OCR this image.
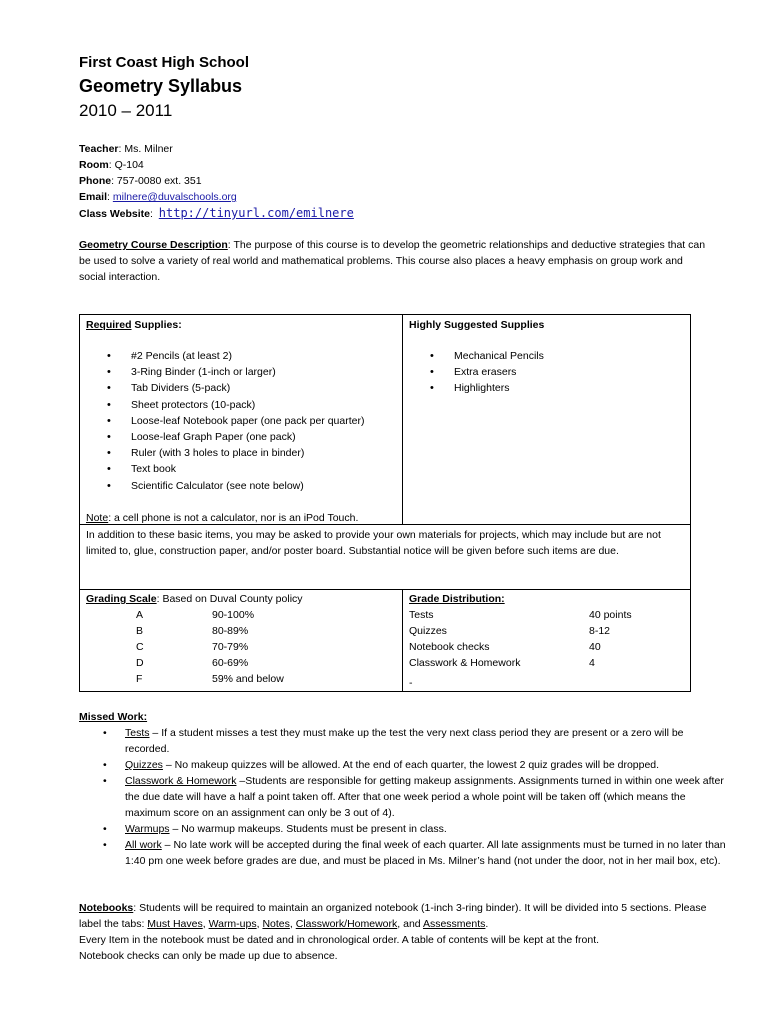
First Coast High School
Geometry Syllabus
2010 – 2011
Teacher: Ms. Milner
Room: Q-104
Phone: 757-0080 ext. 351
Email: milnere@duvalschools.org
Class Website: http://tinyurl.com/emilnere
Geometry Course Description: The purpose of this course is to develop the geometric relationships and deductive strategies that can be used to solve a variety of real world and mathematical problems. This course also places a heavy emphasis on group work and social interaction.
Required Supplies:
• #2 Pencils (at least 2)
• 3-Ring Binder (1-inch or larger)
• Tab Dividers (5-pack)
• Sheet protectors (10-pack)
• Loose-leaf Notebook paper (one pack per quarter)
• Loose-leaf Graph Paper (one pack)
• Ruler (with 3 holes to place in binder)
• Text book
• Scientific Calculator (see note below)
Note: a cell phone is not a calculator, nor is an iPod Touch.
Highly Suggested Supplies
• Mechanical Pencils
• Extra erasers
• Highlighters
In addition to these basic items, you may be asked to provide your own materials for projects, which may include but are not limited to, glue, construction paper, and/or poster board. Substantial notice will be given before such items are due.
Grading Scale: Based on Duval County policy
A	90-100%
B	80-89%
C	70-79%
D	60-69%
F	59% and below
Grade Distribution:
Tests	40 points
Quizzes	8-12
Notebook checks	40
Classwork & Homework	4
-
Missed Work:
• Tests – If a student misses a test they must make up the test the very next class period they are present or a zero will be recorded.
• Quizzes – No makeup quizzes will be allowed. At the end of each quarter, the lowest 2 quiz grades will be dropped.
• Classwork & Homework –Students are responsible for getting makeup assignments. Assignments turned in within one week after the due date will have a half a point taken off. After that one week period a whole point will be taken off (which means the maximum score on an assignment can only be 3 out of 4).
• Warmups – No warmup makeups. Students must be present in class.
• All work – No late work will be accepted during the final week of each quarter. All late assignments must be turned in no later than 1:40 pm one week before grades are due, and must be placed in Ms. Milner’s hand (not under the door, not in her mail box, etc).
Notebooks: Students will be required to maintain an organized notebook (1-inch 3-ring binder). It will be divided into 5 sections. Please label the tabs: Must Haves, Warm-ups, Notes, Classwork/Homework, and Assessments.
Every Item in the notebook must be dated and in chronological order. A table of contents will be kept at the front.
Notebook checks can only be made up due to absence.
